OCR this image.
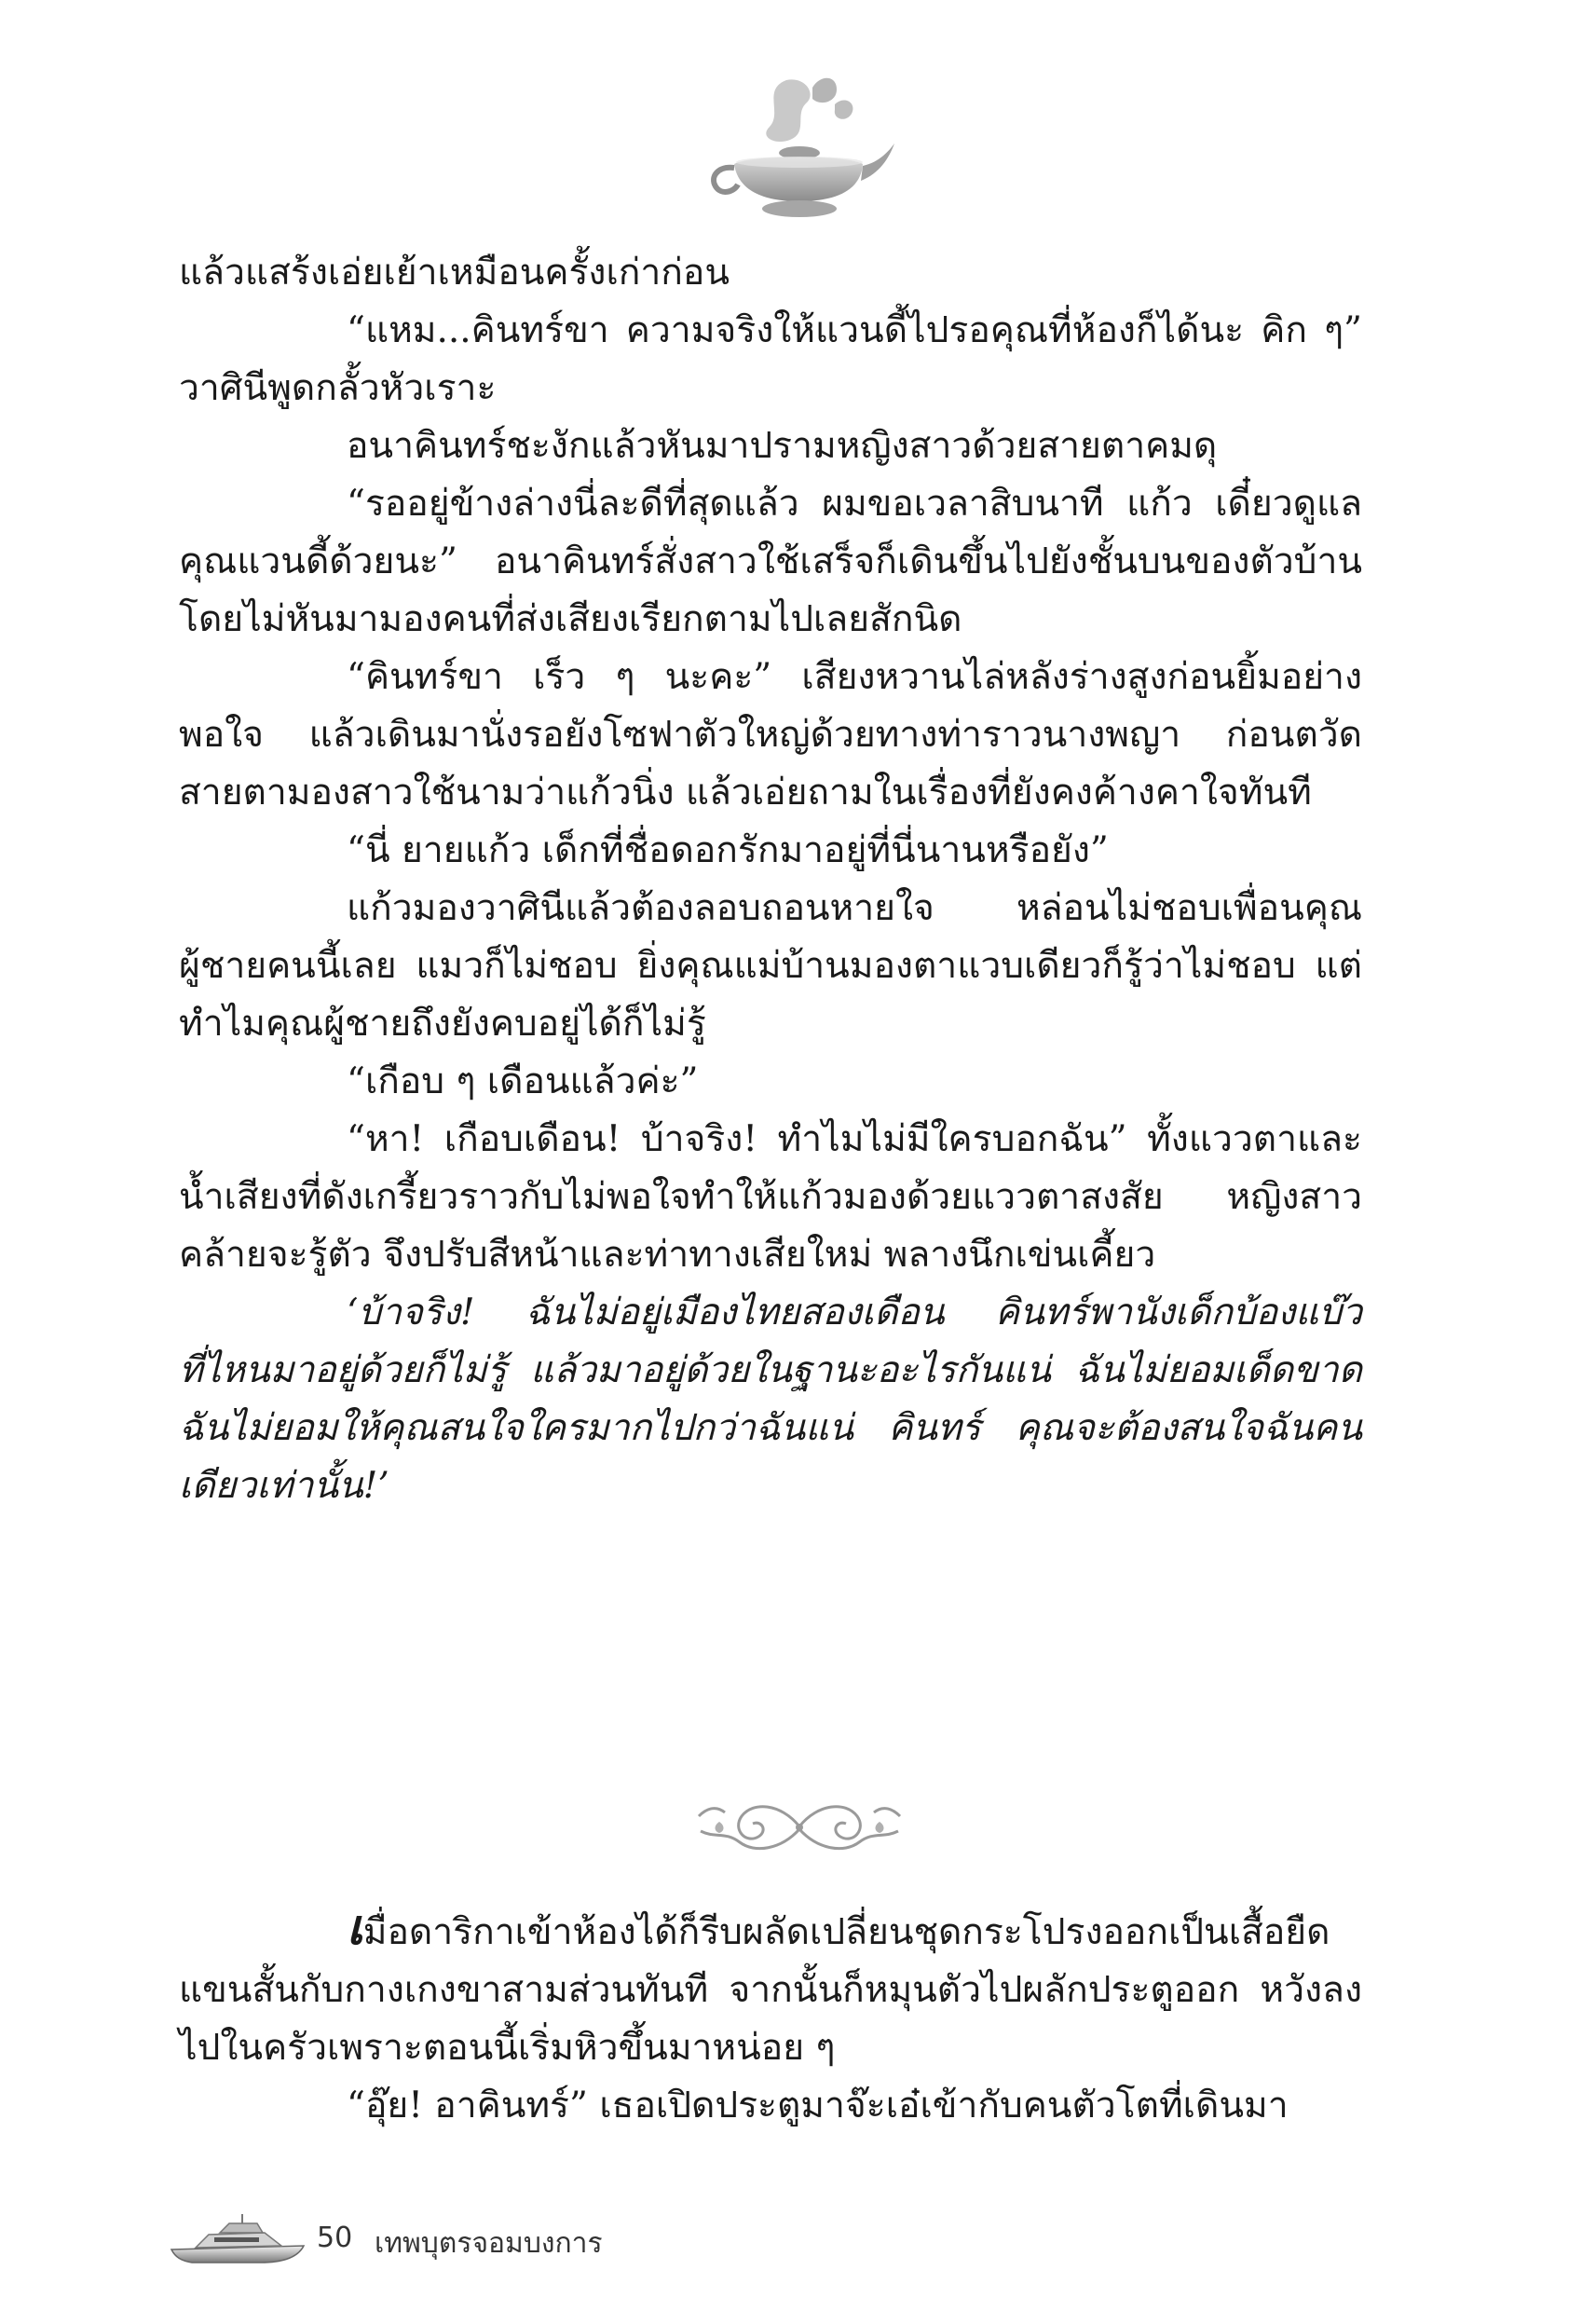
แล้วแสร้งเอ่ยเย้าเหมือนครั้งเก่าก่อน

“แหม...คินทร์ขา ความจริงให้แวนดี้ไปรอคุณที่ห้องก็ได้นะ คิก ๆ” วาศินีพูดกลั้วหัวเราะ

อนาคินทร์ชะงักแล้วหันมาปรามหญิงสาวด้วยสายตาคมดุ

“รออยู่ข้างล่างนี่ละดีที่สุดแล้ว ผมขอเวลาสิบนาที แก้ว เดี๋ยวดูแลคุณแวนดี้ด้วยนะ” อนาคินทร์สั่งสาวใช้เสร็จก็เดินขึ้นไปยังชั้นบนของตัวบ้าน โดยไม่หันมามองคนที่ส่งเสียงเรียกตามไปเลยสักนิด

“คินทร์ขา เร็ว ๆ นะคะ” เสียงหวานไล่หลังร่างสูงก่อนยิ้มอย่างพอใจ แล้วเดินมานั่งรอยังโซฟาตัวใหญ่ด้วยทางท่าราวนางพญา ก่อนตวัดสายตามองสาวใช้นามว่าแก้วนิ่ง แล้วเอ่ยถามในเรื่องที่ยังคงค้างคาใจทันที

“นี่ ยายแก้ว เด็กที่ชื่อดอกรักมาอยู่ที่นี่นานหรือยัง”

แก้วมองวาศินีแล้วต้องลอบถอนหายใจ หล่อนไม่ชอบเพื่อนคุณผู้ชายคนนี้เลย แมวก็ไม่ชอบ ยิ่งคุณแม่บ้านมองตาแวบเดียวก็รู้ว่าไม่ชอบ แต่ทำไมคุณผู้ชายถึงยังคบอยู่ได้ก็ไม่รู้

“เกือบ ๆ เดือนแล้วค่ะ”

“หา! เกือบเดือน! บ้าจริง! ทำไมไม่มีใครบอกฉัน” ทั้งแววตาและน้ำเสียงที่ดังเกรี้ยวราวกับไม่พอใจทำให้แก้วมองด้วยแววตาสงสัย หญิงสาวคล้ายจะรู้ตัว จึงปรับสีหน้าและท่าทางเสียใหม่ พลางนึกเข่นเคี้ยว

‘บ้าจริง! ฉันไม่อยู่เมืองไทยสองเดือน คินทร์พานังเด็กบ้องแบ๊วที่ไหนมาอยู่ด้วยก็ไม่รู้ แล้วมาอยู่ด้วยในฐานะอะไรกันแน่ ฉันไม่ยอมเด็ดขาด ฉันไม่ยอมให้คุณสนใจใครมากไปกว่าฉันแน่ คินทร์ คุณจะต้องสนใจฉันคนเดียวเท่านั้น!’

เมื่อดาริกาเข้าห้องได้ก็รีบผลัดเปลี่ยนชุดกระโปรงออกเป็นเสื้อยืดแขนสั้นกับกางเกงขาสามส่วนทันที จากนั้นก็หมุนตัวไปผลักประตูออก หวังลงไปในครัวเพราะตอนนี้เริ่มหิวขึ้นมาหน่อย ๆ

“อุ๊ย! อาคินทร์” เธอเปิดประตูมาจ๊ะเอ๋เข้ากับคนตัวโตที่เดินมา

50 เทพบุตรจอมบงการ
